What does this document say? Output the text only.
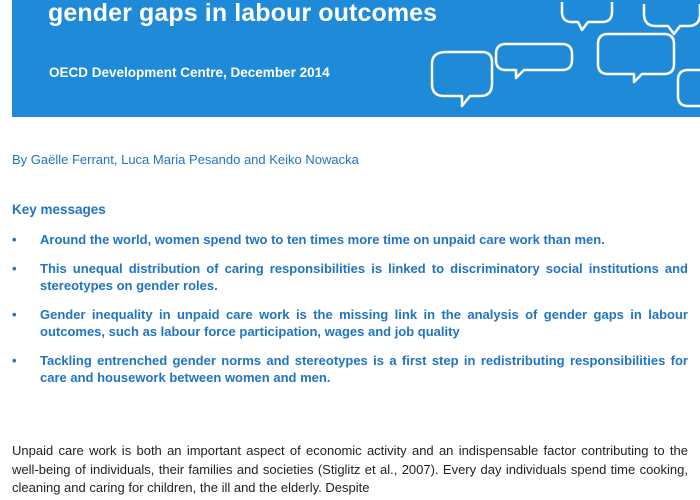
gender gaps in labour outcomes
OECD Development Centre, December 2014

By Gaëlle Ferrant, Luca Maria Pesando and Keiko Nowacka

Key messages
• Around the world, women spend two to ten times more time on unpaid care work than men.
• This unequal distribution of caring responsibilities is linked to discriminatory social institutions and stereotypes on gender roles.
• Gender inequality in unpaid care work is the missing link in the analysis of gender gaps in labour outcomes, such as labour force participation, wages and job quality
• Tackling entrenched gender norms and stereotypes is a first step in redistributing responsibilities for care and housework between women and men.

Unpaid care work is both an important aspect of economic activity and an indispensable factor contributing to the well-being of individuals, their families and societies (Stiglitz et al., 2007). Every day individuals spend time cooking, cleaning and caring for children, the ill and the elderly. Despite
